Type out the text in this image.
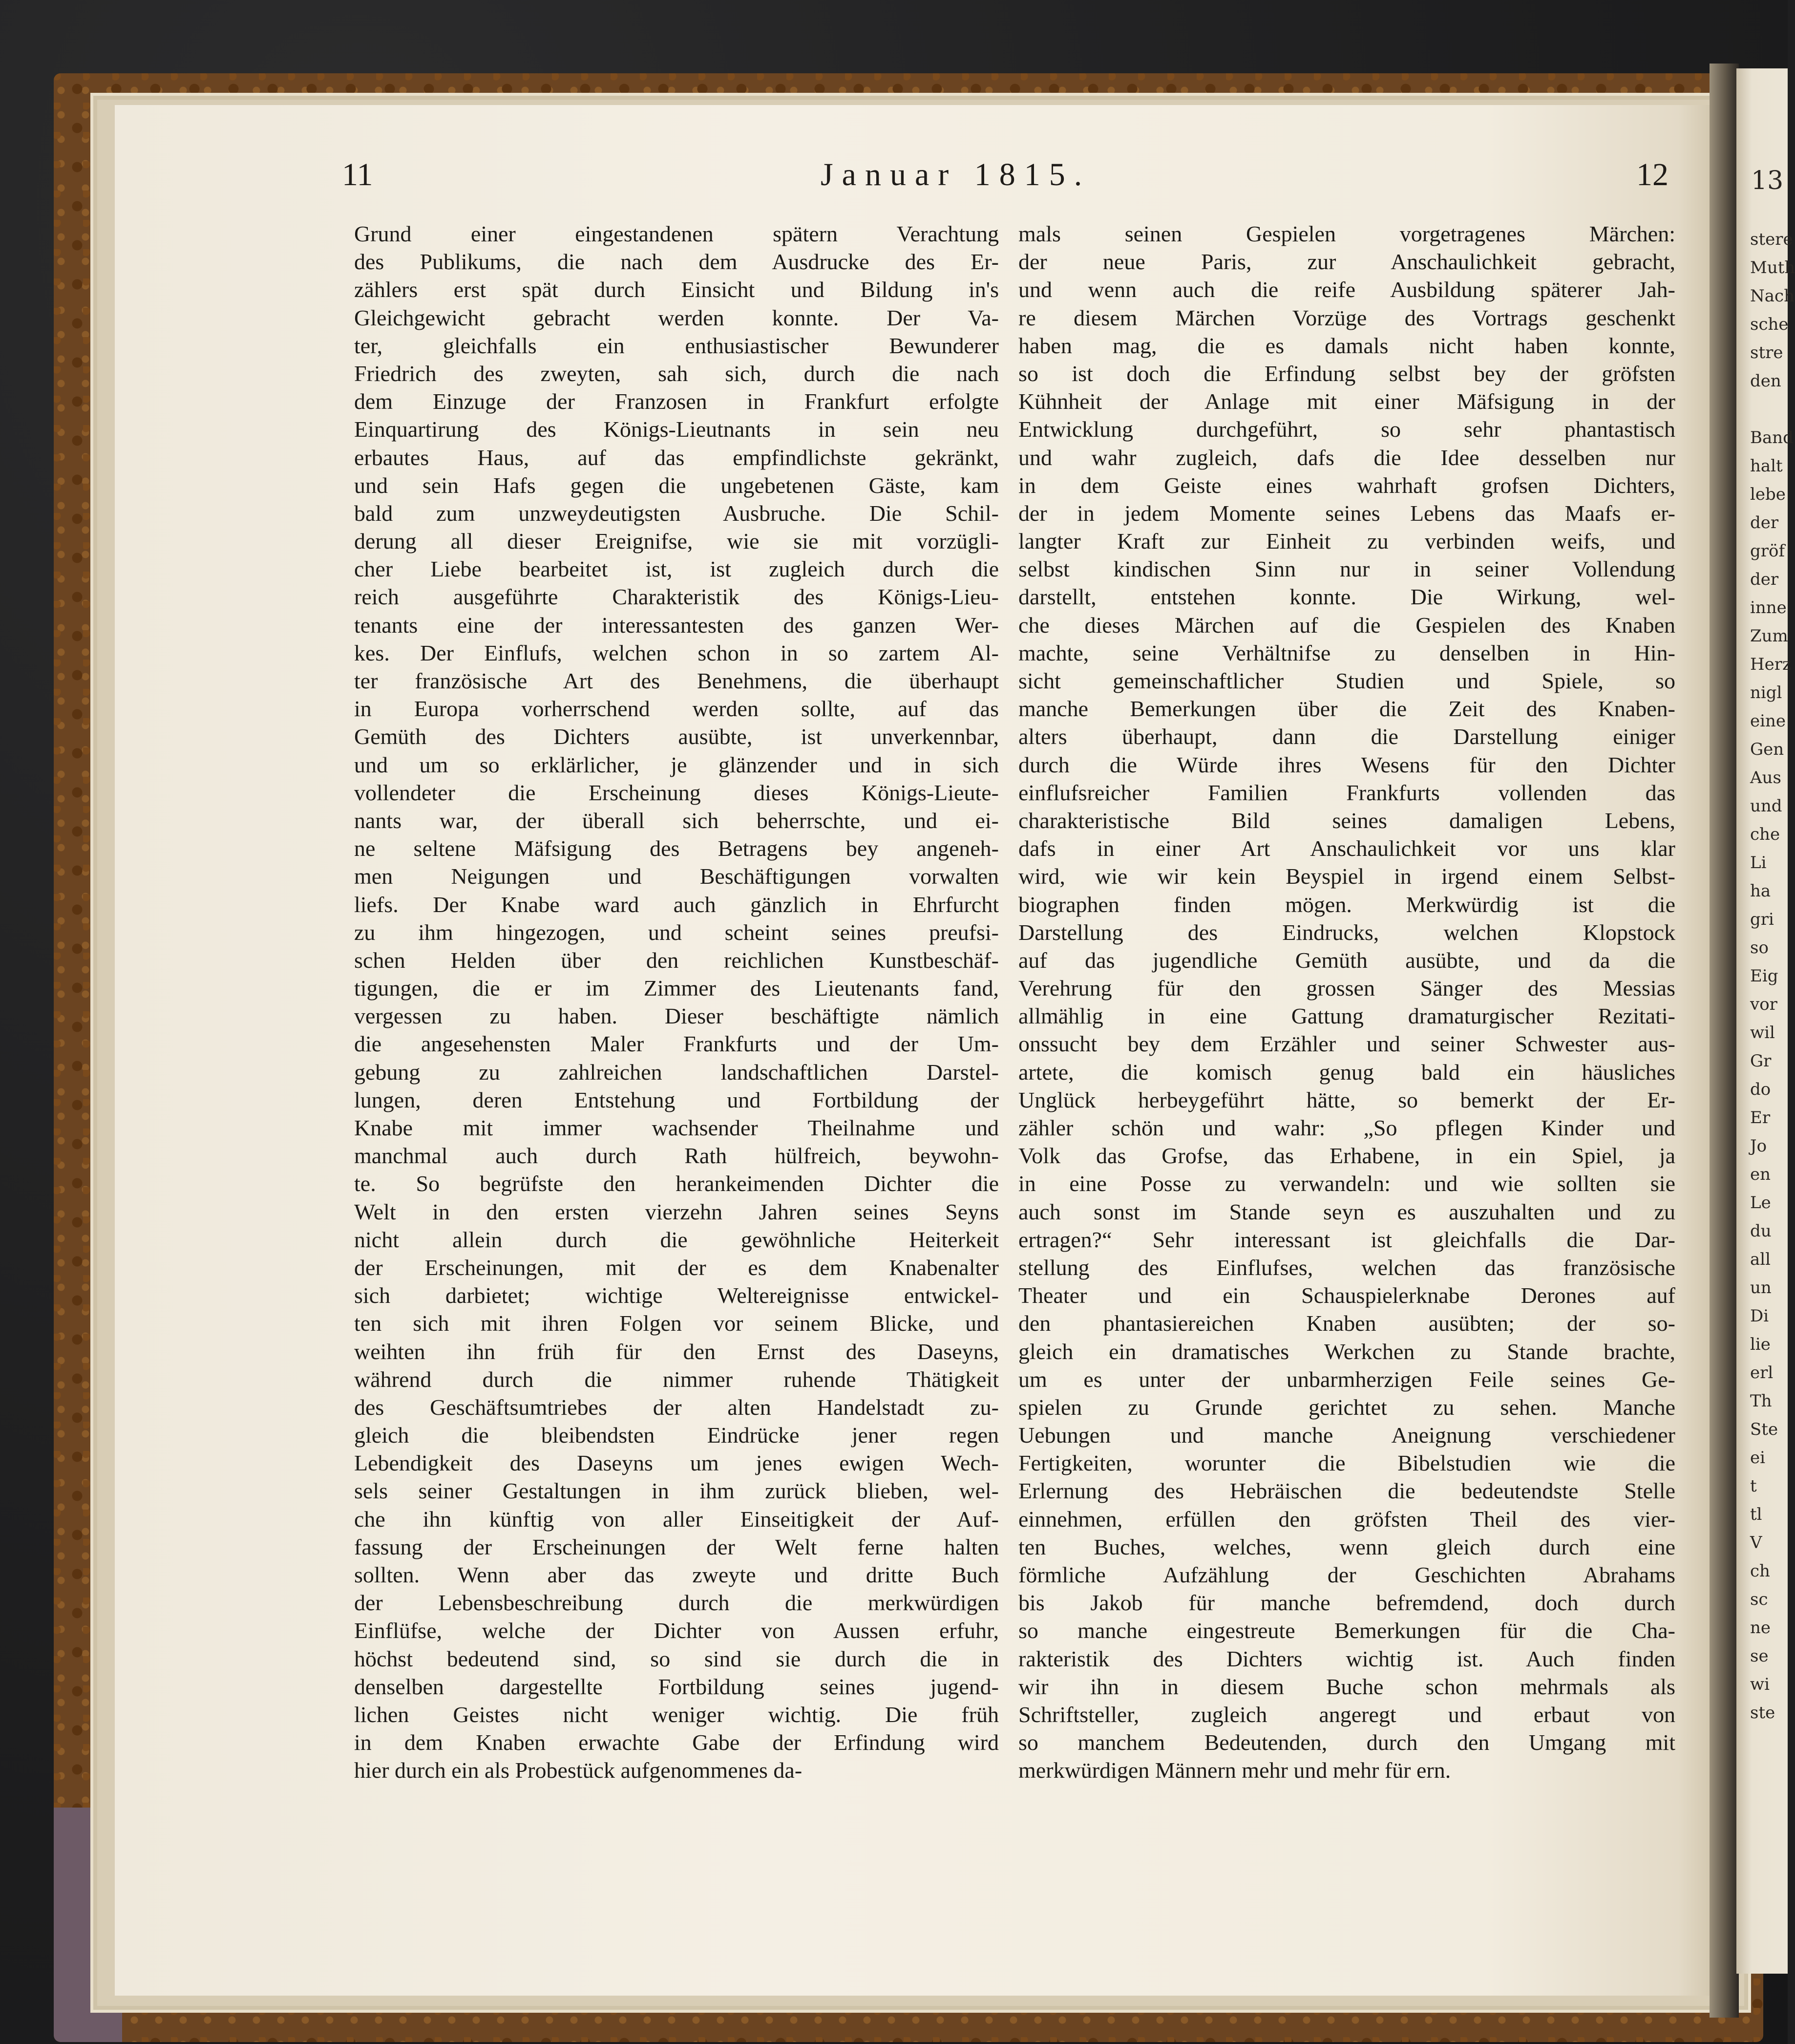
11	Januar 1815.	12
Grund einer eingestandenen spätern Verachtung
des Publikums, die nach dem Ausdrucke des Er-
zählers erst spät durch Einsicht und Bildung in's
Gleichgewicht gebracht werden konnte. Der Va-
ter, gleichfalls ein enthusiastischer Bewunderer
Friedrich des zweyten, sah sich, durch die nach
dem Einzuge der Franzosen in Frankfurt erfolgte
Einquartirung des Königs-Lieutnants in sein neu
erbautes Haus, auf das empfindlichste gekränkt,
und sein Hafs gegen die ungebetenen Gäste, kam
bald zum unzweydeutigsten Ausbruche. Die Schil-
derung all dieser Ereignifse, wie sie mit vorzügli-
cher Liebe bearbeitet ist, ist zugleich durch die
reich ausgeführte Charakteristik des Königs-Lieu-
tenants eine der interessantesten des ganzen Wer-
kes. Der Einflufs, welchen schon in so zartem Al-
ter französische Art des Benehmens, die überhaupt
in Europa vorherrschend werden sollte, auf das
Gemüth des Dichters ausübte, ist unverkennbar,
und um so erklärlicher, je glänzender und in sich
vollendeter die Erscheinung dieses Königs-Lieute-
nants war, der überall sich beherrschte, und ei-
ne seltene Mäfsigung des Betragens bey angeneh-
men Neigungen und Beschäftigungen vorwalten
liefs. Der Knabe ward auch gänzlich in Ehrfurcht
zu ihm hingezogen, und scheint seines preufsi-
schen Helden über den reichlichen Kunstbeschäf-
tigungen, die er im Zimmer des Lieutenants fand,
vergessen zu haben. Dieser beschäftigte nämlich
die angesehensten Maler Frankfurts und der Um-
gebung zu zahlreichen landschaftlichen Darstel-
lungen, deren Entstehung und Fortbildung der
Knabe mit immer wachsender Theilnahme und
manchmal auch durch Rath hülfreich, beywohn-
te. So begrüfste den herankeimenden Dichter die
Welt in den ersten vierzehn Jahren seines Seyns
nicht allein durch die gewöhnliche Heiterkeit
der Erscheinungen, mit der es dem Knabenalter
sich darbietet; wichtige Weltereignisse entwickel-
ten sich mit ihren Folgen vor seinem Blicke, und
weihten ihn früh für den Ernst des Daseyns,
während durch die nimmer ruhende Thätigkeit
des Geschäftsumtriebes der alten Handelstadt zu-
gleich die bleibendsten Eindrücke jener regen
Lebendigkeit des Daseyns um jenes ewigen Wech-
sels seiner Gestaltungen in ihm zurück blieben, wel-
che ihn künftig von aller Einseitigkeit der Auf-
fassung der Erscheinungen der Welt ferne halten
sollten. Wenn aber das zweyte und dritte Buch
der Lebensbeschreibung durch die merkwürdigen
Einflüfse, welche der Dichter von Aussen erfuhr,
höchst bedeutend sind, so sind sie durch die in
denselben dargestellte Fortbildung seines jugend-
lichen Geistes nicht weniger wichtig. Die früh
in dem Knaben erwachte Gabe der Erfindung wird
hier durch ein als Probestück aufgenommenes da-
mals seinen Gespielen vorgetragenes Märchen:
der neue Paris, zur Anschaulichkeit gebracht,
und wenn auch die reife Ausbildung späterer Jah-
re diesem Märchen Vorzüge des Vortrags geschenkt
haben mag, die es damals nicht haben konnte,
so ist doch die Erfindung selbst bey der gröfsten
Kühnheit der Anlage mit einer Mäfsigung in der
Entwicklung durchgeführt, so sehr phantastisch
und wahr zugleich, dafs die Idee desselben nur
in dem Geiste eines wahrhaft grofsen Dichters,
der in jedem Momente seines Lebens das Maafs er-
langter Kraft zur Einheit zu verbinden weifs, und
selbst kindischen Sinn nur in seiner Vollendung
darstellt, entstehen konnte. Die Wirkung, wel-
che dieses Märchen auf die Gespielen des Knaben
machte, seine Verhältnifse zu denselben in Hin-
sicht gemeinschaftlicher Studien und Spiele, so
manche Bemerkungen über die Zeit des Knaben-
alters überhaupt, dann die Darstellung einiger
durch die Würde ihres Wesens für den Dichter
einflufsreicher Familien Frankfurts vollenden das
charakteristische Bild seines damaligen Lebens,
dafs in einer Art Anschaulichkeit vor uns klar
wird, wie wir kein Beyspiel in irgend einem Selbst-
biographen finden mögen. Merkwürdig ist die
Darstellung des Eindrucks, welchen Klopstock
auf das jugendliche Gemüth ausübte, und da die
Verehrung für den grossen Sänger des Messias
allmählig in eine Gattung dramaturgischer Rezitati-
onssucht bey dem Erzähler und seiner Schwester aus-
artete, die komisch genug bald ein häusliches
Unglück herbeygeführt hätte, so bemerkt der Er-
zähler schön und wahr: „So pflegen Kinder und
Volk das Grofse, das Erhabene, in ein Spiel, ja
in eine Posse zu verwandeln: und wie sollten sie
auch sonst im Stande seyn es auszuhalten und zu
ertragen?“ Sehr interessant ist gleichfalls die Dar-
stellung des Einflufses, welchen das französische
Theater und ein Schauspielerknabe Derones auf
den phantasiereichen Knaben ausübten; der so-
gleich ein dramatisches Werkchen zu Stande brachte,
um es unter der unbarmherzigen Feile seines Ge-
spielen zu Grunde gerichtet zu sehen. Manche
Uebungen und manche Aneignung verschiedener
Fertigkeiten, worunter die Bibelstudien wie die
Erlernung des Hebräischen die bedeutendste Stelle
einnehmen, erfüllen den gröfsten Theil des vier-
ten Buches, welches, wenn gleich durch eine
förmliche Aufzählung der Geschichten Abrahams
bis Jakob für manche befremdend, doch durch
so manche eingestreute Bemerkungen für die Cha-
rakteristik des Dichters wichtig ist. Auch finden
wir ihn in diesem Buche schon mehrmals als
Schriftsteller, zugleich angeregt und erbaut von
so manchem Bedeutenden, durch den Umgang mit
merkwürdigen Männern mehr und mehr für ern.
13
stere
Muth
Nach
sche
stre
den
Band
halt
lebe
der
gröf
der
inne
Zum
Herz
nigl
eine
Gen
Aus
und
che
Li
ha
gri
so
Eig
vor
wil
Gr
do
Er
Jo
en
Le
du
all
un
Di
lie
erl
Th
Ste
ei
t
tl
V
ch
sc
ne
se
wi
ste
